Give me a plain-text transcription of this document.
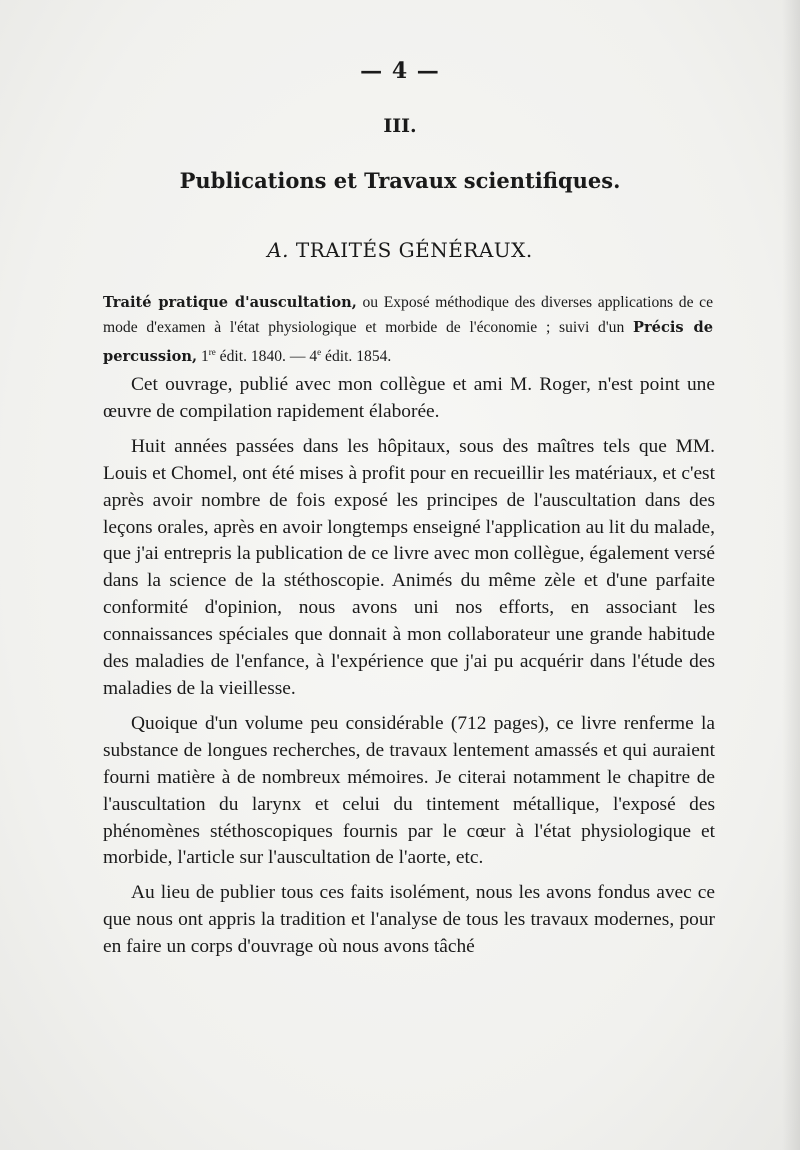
— 4 —
III.
Publications et Travaux scientifiques.
A. TRAITÉS GÉNÉRAUX.
Traité pratique d'auscultation, ou Exposé méthodique des diverses applications de ce mode d'examen à l'état physiologique et morbide de l'économie ; suivi d'un Précis de percussion, 1re édit. 1840. — 4e édit. 1854.

Cet ouvrage, publié avec mon collègue et ami M. Roger, n'est point une œuvre de compilation rapidement élaborée.

Huit années passées dans les hôpitaux, sous des maîtres tels que MM. Louis et Chomel, ont été mises à profit pour en recueillir les matériaux, et c'est après avoir nombre de fois exposé les principes de l'auscultation dans des leçons orales, après en avoir longtemps enseigné l'application au lit du malade, que j'ai entrepris la publication de ce livre avec mon collègue, également versé dans la science de la stéthoscopie. Animés du même zèle et d'une parfaite conformité d'opinion, nous avons uni nos efforts, en associant les connaissances spéciales que donnait à mon collaborateur une grande habitude des maladies de l'enfance, à l'expérience que j'ai pu acquérir dans l'étude des maladies de la vieillesse.

Quoique d'un volume peu considérable (712 pages), ce livre renferme la substance de longues recherches, de travaux lentement amassés et qui auraient fourni matière à de nombreux mémoires. Je citerai notamment le chapitre de l'auscultation du larynx et celui du tintement métallique, l'exposé des phénomènes stéthoscopiques fournis par le cœur à l'état physiologique et morbide, l'article sur l'auscultation de l'aorte, etc.

Au lieu de publier tous ces faits isolément, nous les avons fondus avec ce que nous ont appris la tradition et l'analyse de tous les travaux modernes, pour en faire un corps d'ouvrage où nous avons tâché
